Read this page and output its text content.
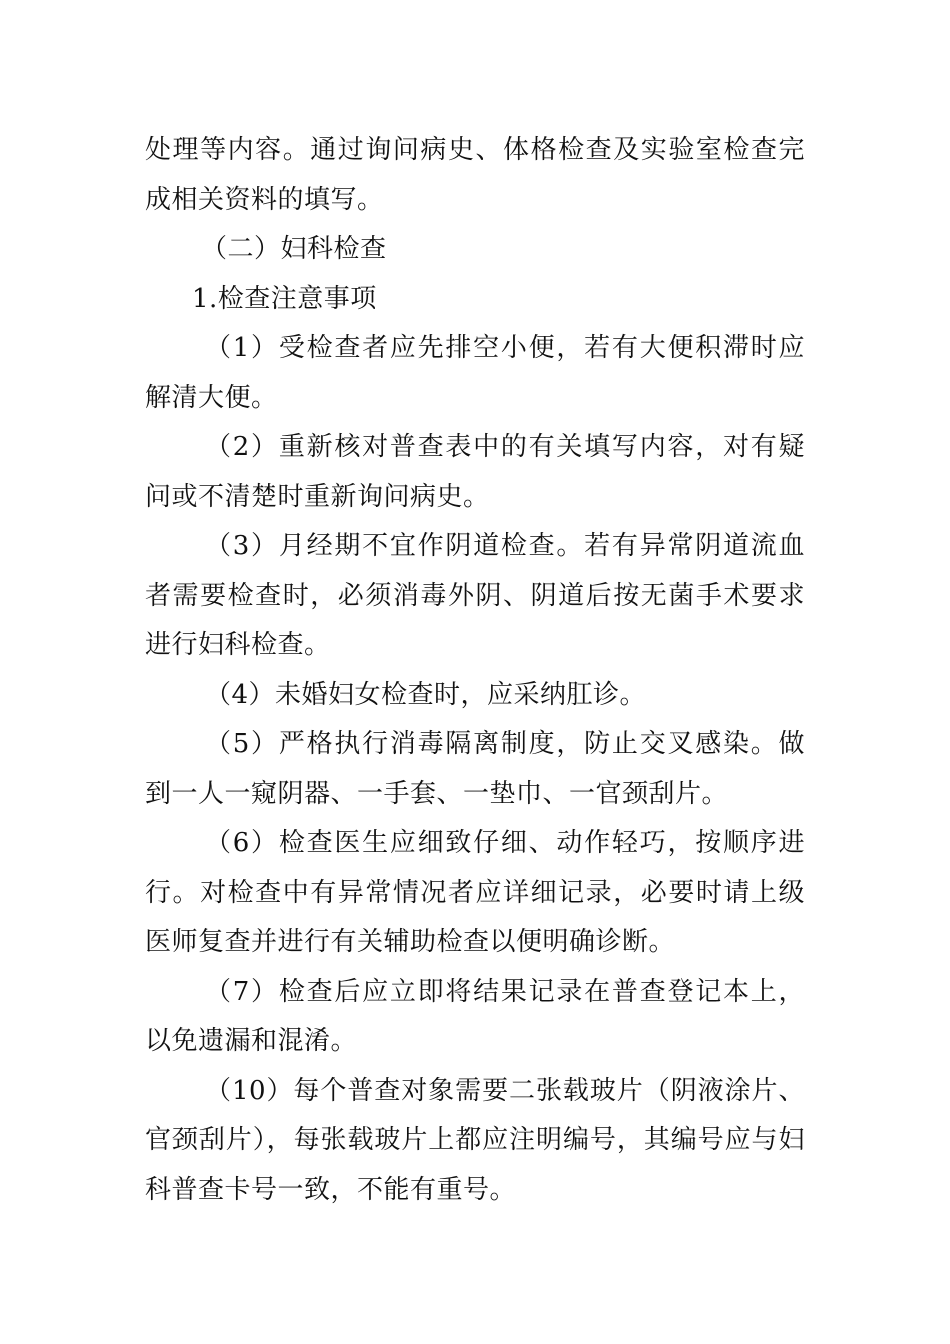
处理等内容。通过询问病史、体格检查及实验室检查完成相关资料的填写。

（二）妇科检查

1.检查注意事项

（1）受检查者应先排空小便，若有大便积滞时应解清大便。

（2）重新核对普查表中的有关填写内容，对有疑问或不清楚时重新询问病史。

（3）月经期不宜作阴道检查。若有异常阴道流血者需要检查时，必须消毒外阴、阴道后按无菌手术要求进行妇科检查。

（4）未婚妇女检查时，应采纳肛诊。

（5）严格执行消毒隔离制度，防止交叉感染。做到一人一窥阴器、一手套、一垫巾、一官颈刮片。

（6）检查医生应细致仔细、动作轻巧，按顺序进行。对检查中有异常情况者应详细记录，必要时请上级医师复查并进行有关辅助检查以便明确诊断。

（7）检查后应立即将结果记录在普查登记本上，以免遗漏和混淆。

（10）每个普查对象需要二张载玻片（阴液涂片、官颈刮片），每张载玻片上都应注明编号，其编号应与妇科普查卡号一致，不能有重号。
